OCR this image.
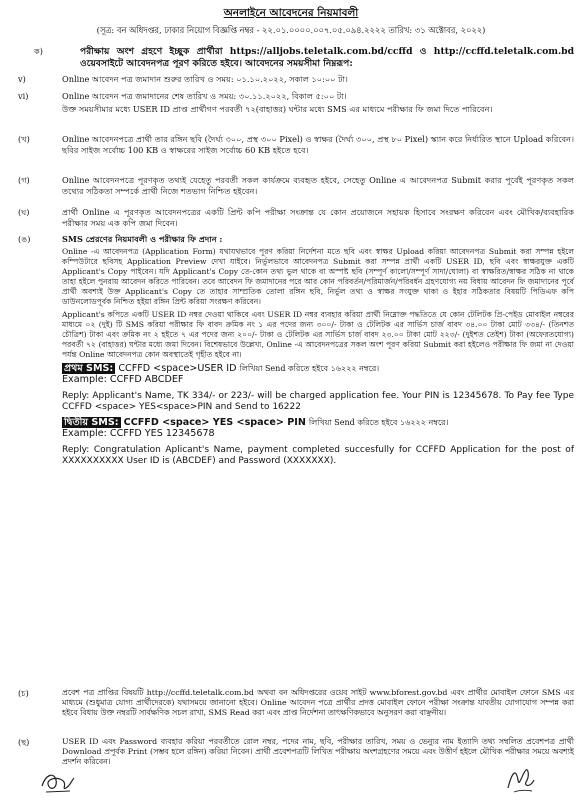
অনলাইনে আবেদনের নিয়মাবলী
(সূত্র: বন অধিদপ্তর, ঢাকার নিয়োগ বিজ্ঞপ্তি নম্বর - ২২.০১.০০০০.০০৭.০৫.০৯৪.২২২২ তারিখ: ৩১ অক্টোবর, ২০২২)
ক)	পরীক্ষায় অংশ গ্রহণে ইচ্ছুক প্রার্থীরা https://alljobs.teletalk.com.bd/ccffd ও http://ccffd.teletalk.com.bd ওয়েবসাইটে আবেদনপত্র পূরণ করিতে হইবে। আবেদনের সময়সীমা নিম্নরূপ:
v)	Online আবেদন পত্র জমাদান শুরুর তারিখ ও সময়: ০১.১০.২০২২, সকাল ১০:০০ টা।
vi)	Online আবেদন পত্র জমাদানের শেষ তারিখ ও সময়: ৩০.১১.২০২২, বিকাল ৫:০০ টা।
উক্ত সময়সীমার মধ্যে USER ID প্রাপ্ত প্রার্থীগণ পরবর্তী ৭২(বাহাত্তর) ঘন্টার মধ্যে SMS এর মাধ্যমে পরীক্ষার ফি জমা দিতে পারিবেন।
(খ)	Online আবেদনপত্রে প্রার্থী তার রঙ্গিন ছবি (দৈর্ঘ্য ৩০০, প্রস্থ ৩০০ Pixel) ও স্বাক্ষর (দৈর্ঘ্য ৩০০, প্রস্থ ৮০ Pixel) স্ক্যান করে নির্ধারিত স্থানে Upload করিবেন। ছবির সাইজ সর্বোচ্চ 100 KB ও স্বাক্ষরের সাইজ সর্বোচ্চ 60 KB হইতে হবে।
(গ)	Online আবেদনপত্রে পূরণকৃত তথ্যই যেহেতু পরবর্তী সকল কার্যক্রমে ব্যবহৃত হইবে, সেহেতু Online এ আবেদনপত্র Submit করার পূর্বেই পূরণকৃত সকল তথ্যের সঠিকতা সম্পর্কে প্রার্থী নিজে শতভাগ নিশ্চিত হইবেন।
(ঘ)	প্রার্থী Online এ পূরণকৃত আবেদনপত্রের একটি প্রিন্ট কপি পরীক্ষা সংক্রান্ত যে কোন প্রয়োজনে সহায়ক হিসাবে সংরক্ষণ করিবেন এবং মৌখিক/ব্যবহারিক পরীক্ষার সময় এক কপি জমা দিবেন।
(ঙ)	SMS প্রেরণের নিয়মাবলী ও পরীক্ষার ফি প্রদান :
Online -এ আবেদনপত্র (Application Form) যথাযথভাবে পূরণ করিয়া নির্দেশনা মতে ছবি এবং স্বাক্ষর Upload করিয়া আবেদনপত্র Submit করা সম্পন্ন হইলে কম্পিউটারে ছবিসহ Application Preview দেখা যাইবে। নির্ভুলভাবে আবেদনপত্র Submit করা সম্পন্ন প্রার্থী একটি USER ID, ছবি এবং স্বাক্ষরযুক্ত একটি Applicant's Copy পাইবেন। যদি Applicant's Copy তে-কোন তথ্য ভুল থাকে বা অস্পষ্ট ছবি (সম্পূর্ণ কালো/সম্পূর্ণ সাদা/ঘোলা) বা স্বাক্ষরিত/স্বাক্ষর সঠিক না থাকে তাহা হইলে পুনরায় আবেদন করিতে পারিবেন। তবে আবেদন ফি জমাদানের পরে আর কোন পরিবর্তন/পরিমার্জন/পরিবর্ধন গ্রহণযোগ্য নয় বিধায় আবেদন ফি জমাদানের পূর্বে প্রার্থী অবশ্যই উক্ত Applicant's Copy তে তাহার সাম্প্রতিক তোলা রঙ্গিন ছবি, নির্ভুল তথ্য ও স্বাক্ষর সংযুক্ত থাকা ও ইহার সঠিকতার বিষয়টি পিডিএফ কপি ডাউনলোডপূর্বক নিশ্চিত হইয়া রঙ্গিন প্রিন্ট করিয়া সংরক্ষণ করিবেন।
Applicant's কপিতে একটি USER ID নম্বর দেওয়া থাকিবে এবং USER ID নম্বর ব্যবহার করিয়া প্রার্থী নিম্নোক্ত পদ্ধতিতে যে কোন টেলিটক প্রি-পেইড মোবাইল নম্বরের মাধ্যমে ০২ (দুই) টি SMS করিয়া পরীক্ষার ফি বাবদ ক্রমিক নং ১ এর পদের জন্য ৩০০/- টাকা ও টেলিটক এর সার্ভিস চার্জ বাবদ ৩৪.০০ টাকা মোট ৩৩৪/- (তিনশত চৌত্রিশ) টাকা এবং ক্রমিক নং ২ হইতে ৭ এর পদের জন্য ২০০/- টাকা ও টেলিটক এর সার্ভিস চার্জ বাবদ ২৩.০০ টাকা মোট ২২৩/- (দুইশত তেইশ) টাকা (অফেরতযোগ্য) পরবর্তী ৭২ (বাহাত্তর) ঘন্টার মধ্যে জমা দিবেন। বিশেষভাবে উল্লেখ্য, Online -এ আবেদনপত্রের সকল অংশ পূরণ করিয়া Submit করা হইলেও পরীক্ষার ফি জমা না দেওয়া পর্যন্ত Online আবেদনপত্র কোন অবস্থাতেই গৃহীত হইবে না।
প্রথম SMS: CCFFD <space>USER ID লিখিয়া Send করিতে হইবে ১৬২২২ নম্বরে।
Example: CCFFD ABCDEF
Reply: Applicant's Name, TK 334/- or 223/- will be charged application fee. Your PIN is 12345678. To Pay fee Type CCFFD <space> YES<space>PIN and Send to 16222
দ্বিতীয় SMS: CCFFD <space> YES <space> PIN লিখিয়া Send করিতে হইবে ১৬২২২ নম্বরে।
Example: CCFFD YES 12345678
Reply: Congratulation Aplicant's Name, payment completed succesfully for CCFFD Application for the post of XXXXXXXXXX User ID is (ABCDEF) and Password (XXXXXXX).
(চ)	প্রবেশ পত্র প্রাপ্তির বিষয়টি http://ccffd.teletalk.com.bd অথবা বন অধিদপ্তরের ওয়েব সাইট www.bforest.gov.bd এবং প্রার্থীর মোবাইল ফোনে SMS এর মাধ্যমে (শুধুমাত্র যোগ্য প্রার্থীদেরকে) যথাসময়ে জানানো হইবে। Online আবেদন পত্রে প্রার্থীর প্রদত্ত মোবাইল ফোনে পরীক্ষা সংক্রান্ত যাবতীয় যোগাযোগ সম্পন্ন করা হইবে বিধায় উক্ত নম্বরটি সার্বক্ষণিক সচল রাখা, SMS Read করা এবং প্রাপ্ত নির্দেশনা তাৎক্ষণিকভাবে অনুসরণ করা বাঞ্ছনীয়।
(ছ)	USER ID এবং Password ব্যবহার করিয়া পরবর্তীতে রোল নম্বর, পদের নাম, ছবি, পরীক্ষার তারিখ, সময় ও ভেন্যুর নাম ইত্যাদি তথ্য সম্বলিত প্রবেশপত্র প্রার্থী Download প্রপূর্বক Print (সম্ভব হলে রঙ্গিন) করিয়া নিবেন। প্রার্থী প্রবেশপত্রটি লিখিত পরীক্ষায় অংশগ্রহণের সময়ে এবং উত্তীর্ণ হইলে মৌখিক পরীক্ষার সময়ে অবশ্যই প্রদর্শন করিবেন।
